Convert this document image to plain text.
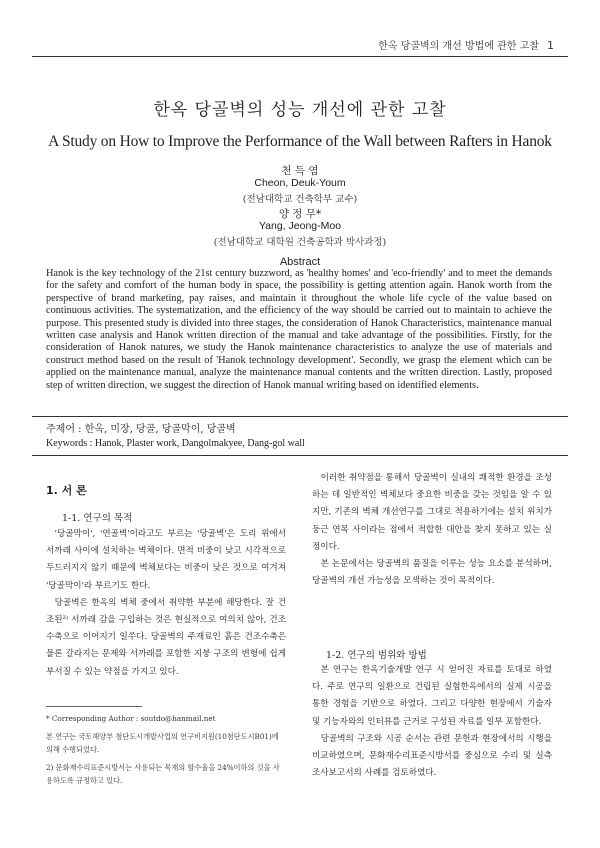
한옥 당골벽의 개선 방법에 관한 고찰 1
한옥 당골벽의 성능 개선에 관한 고찰
A Study on How to Improve the Performance of the Wall between Rafters in Hanok
천 득 염
Cheon, Deuk-Youm
(전남대학교 건축학부 교수)
양 정 무*
Yang, Jeong-Moo
(전남대학교 대학원 건축공학과 박사과정)
Abstract
Hanok is the key technology of the 21st century buzzword, as 'healthy homes' and 'eco-friendly' and to meet the demands for the safety and comfort of the human body in space, the possibility is getting attention again. Hanok worth from the perspective of brand marketing, pay raises, and maintain it throughout the whole life cycle of the value based on continuous activities. The systematization, and the efficiency of the way should be carried out to maintain to achieve the purpose. This presented study is divided into three stages, the consideration of Hanok Characteristics, maintenance manual written case analysis and Hanok written direction of the manual and take advantage of the possibilities. Firstly, for the consideration of Hanok natures, we study the Hanok maintenance characteristics to analyze the use of materials and construct method based on the result of 'Hanok technology development'. Secondly, we grasp the element which can be applied on the maintenance manual, analyze the maintenance manual contents and the written direction. Lastly, proposed step of written direction, we suggest the direction of Hanok manual writing based on identified elements.
주제어 : 한옥, 미장, 당골, 당골막이, 당골벽
Keywords : Hanok, Plaster work, Dangolmakyee, Dang-gol wall
1. 서 론
1-1. 연구의 목적

'당골막이', '연골벽'이라고도 부르는 '당골벽'은 도리 위에서 서까래 사이에 설치하는 벽체이다. 면적 비중이 낮고 시각적으로 두드러지지 않기 때문에 벽체보다는 비중이 낮은 것으로 여겨져 '당골막이'라 부르기도 한다.

당골벽은 한옥의 벽체 중에서 취약한 부분에 해당한다. 잘 건조된²⁾ 서까래 감을 구입하는 것은 현실적으로 여의치 않아, 건조수축으로 이어지기 일쑤다. 당골벽의 주재료인 흙은 건조수축은 물론 갈라지는 문제와 서까래를 포함한 지붕 구조의 변형에 쉽게 부서질 수 있는 약점을 가지고 있다.

* Corresponding Author : soutdo@hanmail.net

본 연구는 국토해양부 첨단도시개발사업의 연구비지원(10첨단도시B01)에 의해 수행되었다.

2) 문화재수리표준시방서는 사용되는 목재의 함수율을 24%이하의 것을 사용하도록 규정하고 있다.

이러한 취약점을 통해서 당골벽이 실내의 쾌적한 환경을 조성하는 데 일반적인 벽체보다 중요한 비중을 갖는 것임을 알 수 있지만, 기존의 벽체 개선연구를 그대로 적용하기에는 설치 위치가 둥근 연목 사이라는 점에서 적합한 대안을 찾지 못하고 있는 실정이다.

본 논문에서는 당골벽의 품질을 이루는 성능 요소를 분석하며, 당골벽의 개선 가능성을 모색하는 것이 목적이다.

1-2. 연구의 범위와 방법

본 연구는 한옥기술개발 연구 시 얻어진 자료를 토대로 하였다. 주로 연구의 일환으로 건립된 실험한옥에서의 실제 시공을 통한 경험을 기반으로 하였다. 그리고 다양한 현장에서 기술자 및 기능자와의 인터뷰를 근거로 구성된 자료를 일부 포함한다.

당골벽의 구조와 시공 순서는 관련 문헌과 현장에서의 시행을 비교하였으며, 문화재수리표준시방서를 중심으로 수리 및 실측조사보고서의 사례를 검토하였다.
